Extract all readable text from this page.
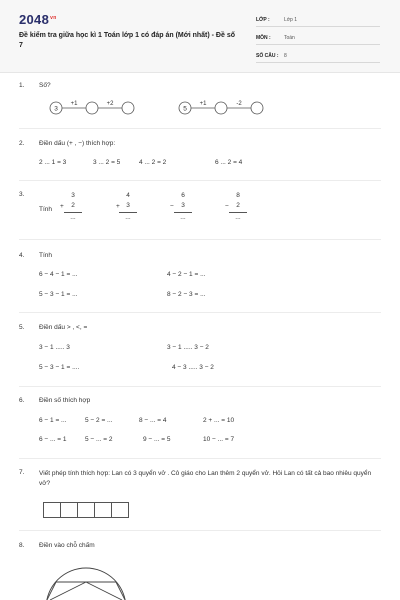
$2048^{vn}$
Đề kiểm tra giữa học kì 1 Toán lớp 1 có đáp án (Mới nhất) - Đề số 7
LỚP :	Lớp 1
MÔN :	Toán
SỐ CÂU : 8
1. Số?
3
+1	+2
5
+1	-2
2. Điền dấu (+ , −) thích hợp:
2 ... 1 = 3	3 ... 2 = 5	4 ... 2 = 2	6 ... 2 = 4
3.
Tính +
3
2
...
+
4
3
...
−
6
3
...
−
8
2
...
4. Tính
6 − 4 − 1 = ...	4 − 2 − 1 = ...
5 − 3 − 1 = ...	8 − 2 − 3 = ...
5. Điền dấu > , <, =
3 − 1 ..... 3	3 − 1 ..... 3 − 2
5 − 3 − 1 = ....	4 − 3 ..... 3 − 2
6. Điền số thích hợp
6 − 1 = ...	5 − 2 = ...	8 − ... = 4	2 + ... = 10
6 − ... = 1	5 − ... = 2	9 − ... = 5	10 − ... = 7
7. Viết phép tính thích hợp: Lan có 3 quyển vở . Cô giáo cho Lan thêm 2 quyển vở. Hỏi Lan có tất cả bao nhiêu quyển vở?
8. Điền vào chỗ chấm
